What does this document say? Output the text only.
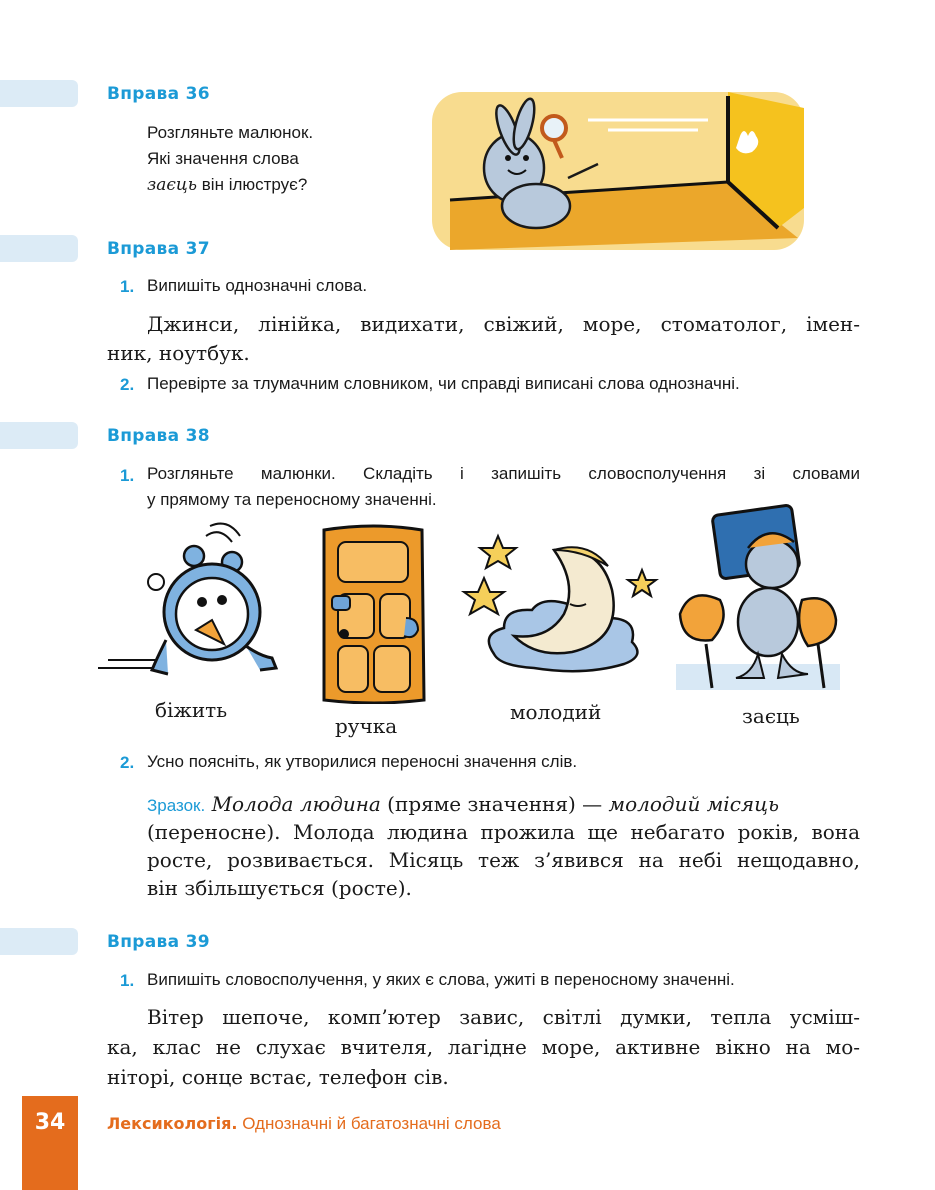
Вправа 36
Розгляньте малюнок.
Які значення слова
заєць він ілюструє?
Вправа 37
1. Випишіть однозначні слова.
Джинси, лінійка, видихати, свіжий, море, стоматолог, імен-
ник, ноутбук.
2. Перевірте за тлумачним словником, чи справді виписані слова однозначні.
Вправа 38
1. Розгляньте малюнки. Складіть і запишіть словосполучення зі словами
у прямому та переносному значенні.
біжить
ручка
молодий	заєць
2. Усно поясніть, як утворилися переносні значення слів.
Зразок. Молода людина (пряме значення) — молодий місяць
(переносне). Молода людина прожила ще небагато років, вона
росте, розвивається. Місяць теж з’явився на небі нещодавно,
він збільшується (росте).
Вправа 39
1. Випишіть словосполучення, у яких є слова, ужиті в переносному значенні.
Вітер шепоче, комп’ютер завис, світлі думки, тепла усміш-
ка, клас не слухає вчителя, лагідне море, активне вікно на мо-
ніторі, сонце встає, телефон сів.
34	Лексикологія. Однозначні й багатозначні слова
